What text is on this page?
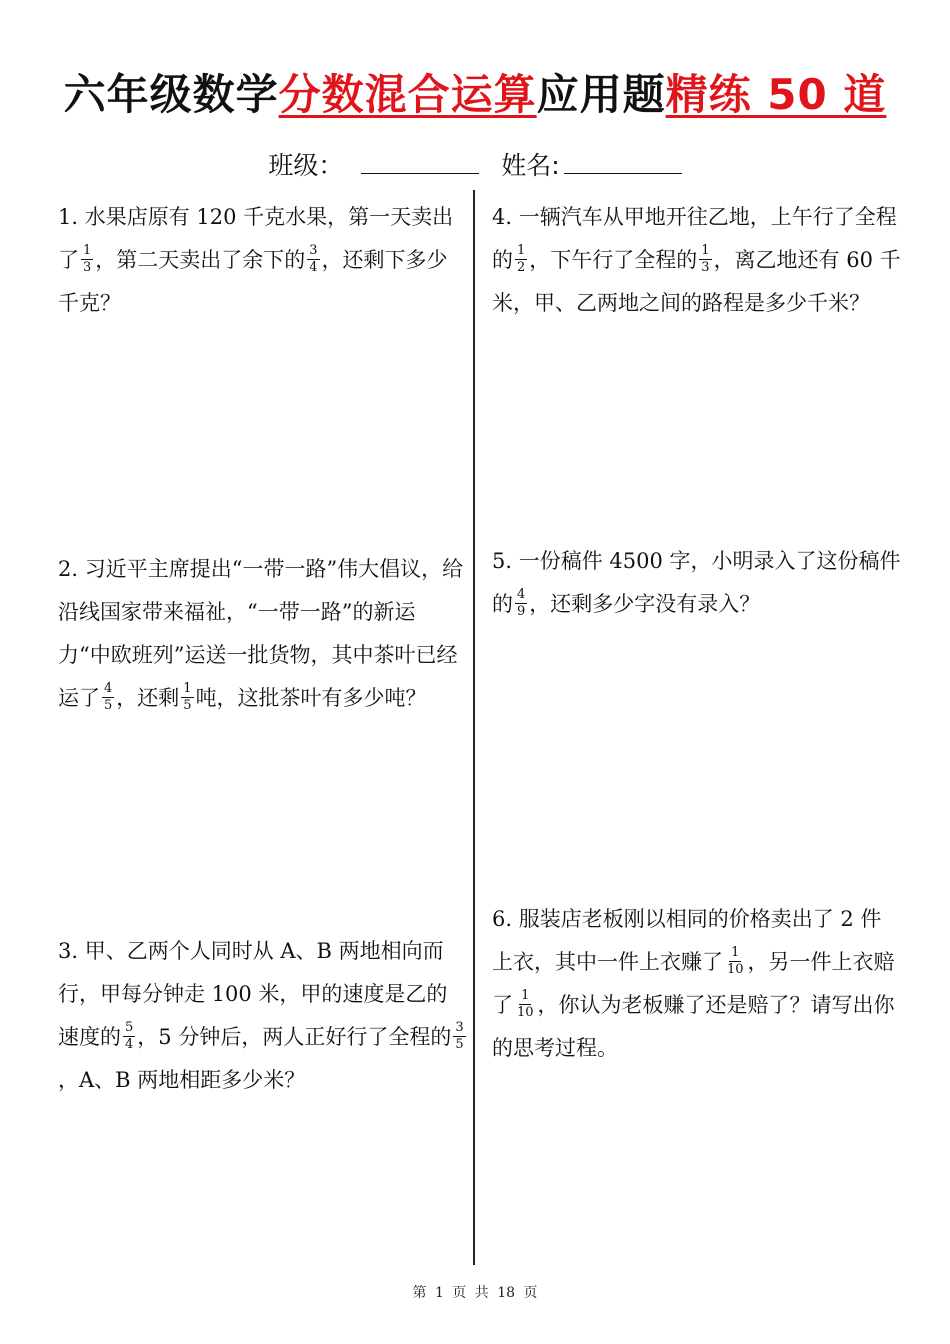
六年级数学分数混合运算应用题精练 50 道
班级：	姓名:
1. 水果店原有 120 千克水果，第一天卖出了 $\frac{1}{3}$ ，第二天卖出了余下的 $\frac{3}{4}$ ，还剩下多少千克？
2. 习近平主席提出“一带一路”伟大倡议，给沿线国家带来福祉，“一带一路”的新运力“中欧班列”运送一批货物，其中茶叶已经运了 $\frac{4}{5}$ ，还剩 $\frac{1}{5}$ 吨，这批茶叶有多少吨？
3. 甲、乙两个人同时从 A、B 两地相向而行，甲每分钟走 100 米，甲的速度是乙的速度的 $\frac{5}{4}$ ，5 分钟后，两人正好行了全程的 $\frac{3}{5}$
，A、B 两地相距多少米？
4. 一辆汽车从甲地开往乙地，上午行了全程的 $\frac{1}{2}$ ，下午行了全程的 $\frac{1}{3}$ ，离乙地还有 60 千米，甲、乙两地之间的路程是多少千米？
5. 一份稿件 4500 字，小明录入了这份稿件的 $\frac{4}{9}$ ，还剩多少字没有录入？
6. 服装店老板刚以相同的价格卖出了 2 件上衣，其中一件上衣赚了 $\frac{1}{10}$ ，另一件上衣赔了 $\frac{1}{10}$ ，你认为老板赚了还是赔了？请写出你的思考过程。
第 1 页 共 18 页
